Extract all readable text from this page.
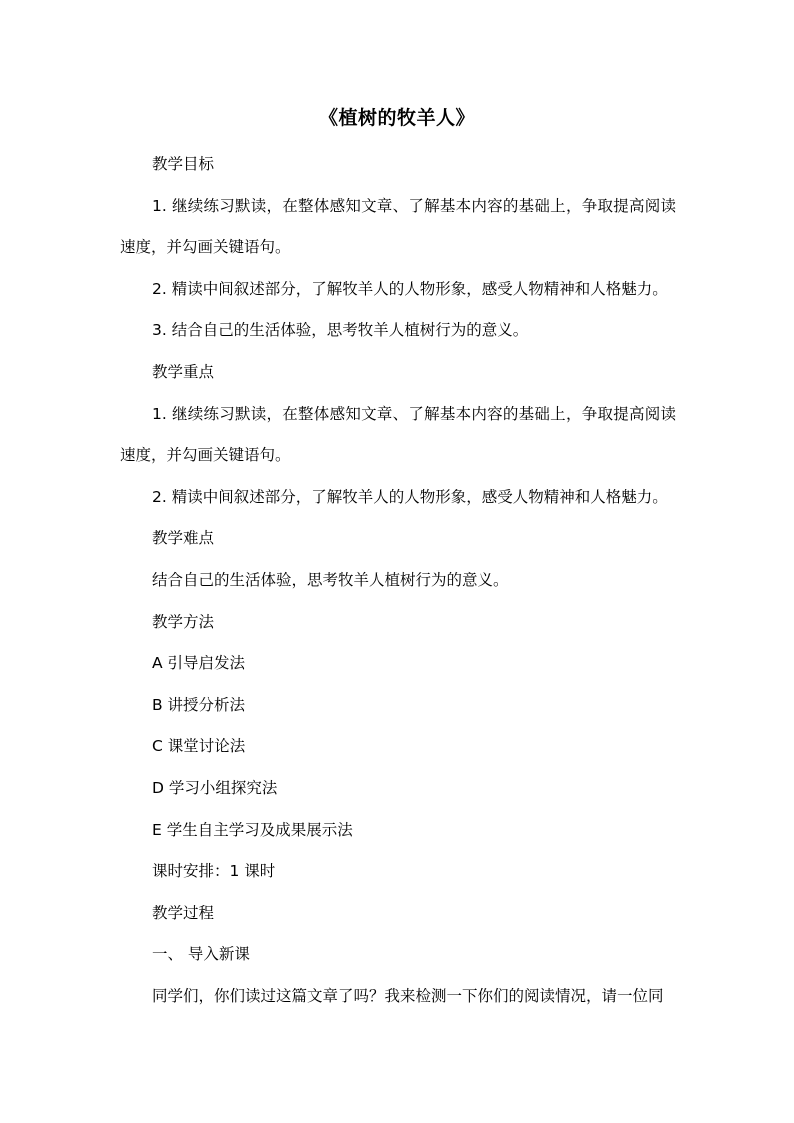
《植树的牧羊人》

教学目标

1. 继续练习默读，在整体感知文章、了解基本内容的基础上，争取提高阅读速度，并勾画关键语句。

2. 精读中间叙述部分，了解牧羊人的人物形象，感受人物精神和人格魅力。

3. 结合自己的生活体验，思考牧羊人植树行为的意义。

教学重点

1. 继续练习默读，在整体感知文章、了解基本内容的基础上，争取提高阅读速度，并勾画关键语句。

2. 精读中间叙述部分，了解牧羊人的人物形象，感受人物精神和人格魅力。

教学难点

结合自己的生活体验，思考牧羊人植树行为的意义。

教学方法

A 引导启发法

B 讲授分析法

C 课堂讨论法

D 学习小组探究法

E 学生自主学习及成果展示法

课时安排：1 课时

教学过程

一、 导入新课

同学们，你们读过这篇文章了吗？我来检测一下你们的阅读情况，请一位同
